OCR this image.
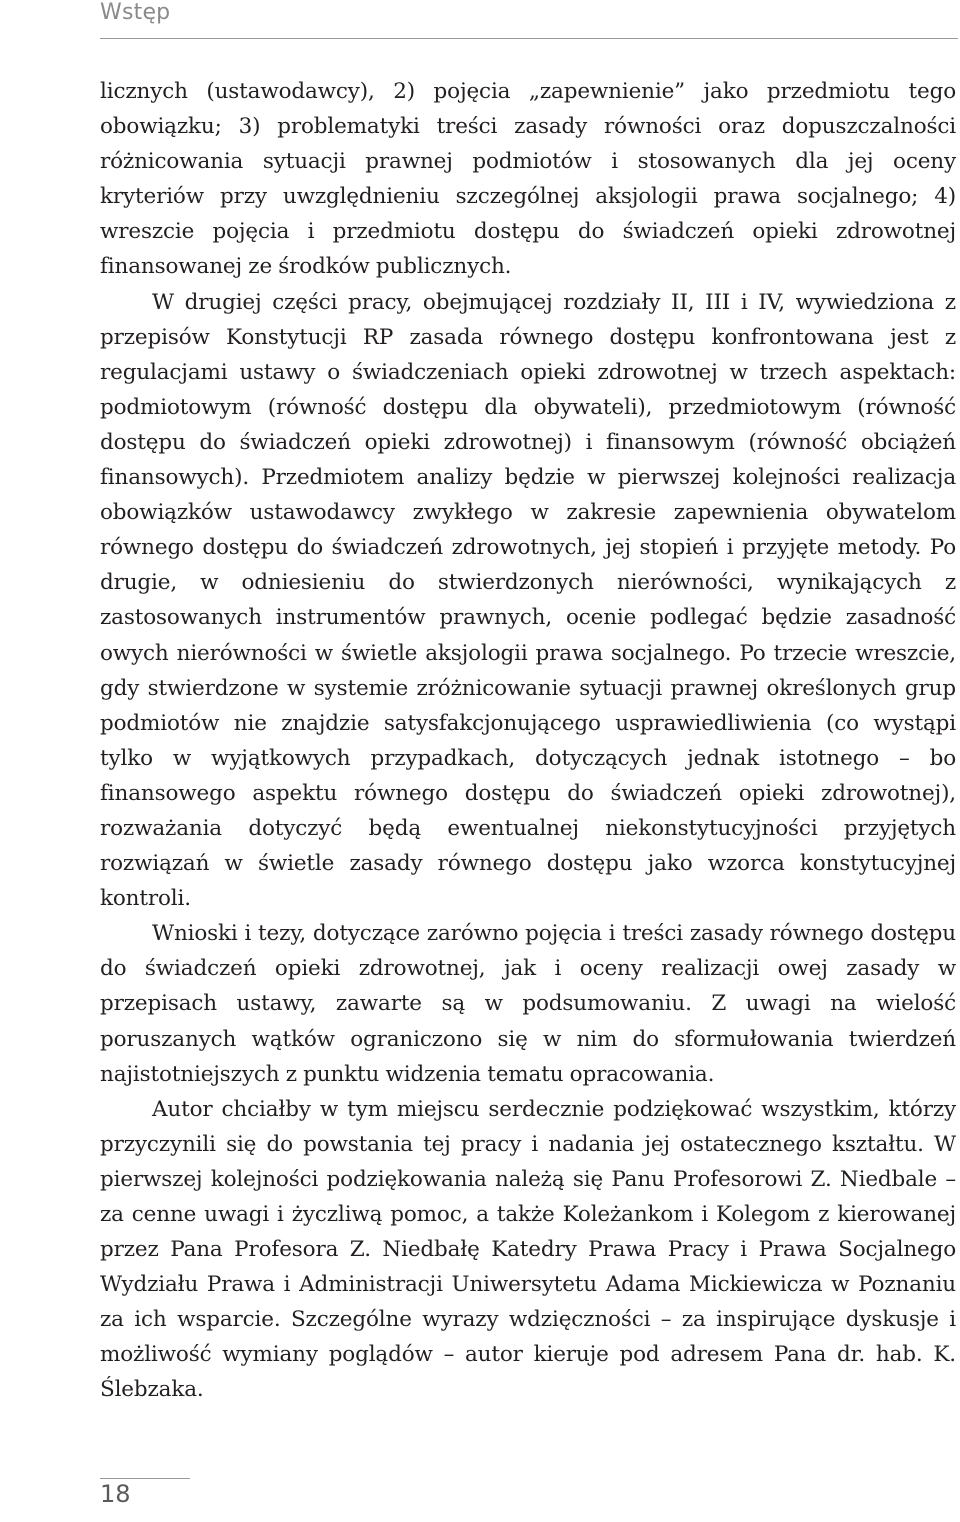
Wstęp

licznych (ustawodawcy), 2) pojęcia „zapewnienie” jako przedmiotu tego obowiązku; 3) problematyki treści zasady równości oraz dopuszczalności różnicowania sytuacji prawnej podmiotów i stosowanych dla jej oceny kryteriów przy uwzględnieniu szczególnej aksjologii prawa socjalnego; 4) wreszcie pojęcia i przedmiotu dostępu do świadczeń opieki zdrowotnej finansowanej ze środków publicznych.

W drugiej części pracy, obejmującej rozdziały II, III i IV, wywiedziona z przepisów Konstytucji RP zasada równego dostępu konfrontowana jest z regulacjami ustawy o świadczeniach opieki zdrowotnej w trzech aspektach: podmiotowym (równość dostępu dla obywateli), przedmiotowym (równość dostępu do świadczeń opieki zdrowotnej) i finansowym (równość obciążeń finansowych). Przedmiotem analizy będzie w pierwszej kolejności realizacja obowiązków ustawodawcy zwykłego w zakresie zapewnienia obywatelom równego dostępu do świadczeń zdrowotnych, jej stopień i przyjęte metody. Po drugie, w odniesieniu do stwierdzonych nierówności, wynikających z zastosowanych instrumentów prawnych, ocenie podlegać będzie zasadność owych nierówności w świetle aksjologii prawa socjalnego. Po trzecie wreszcie, gdy stwierdzone w systemie zróżnicowanie sytuacji prawnej określonych grup podmiotów nie znajdzie satysfakcjonującego usprawiedliwienia (co wystąpi tylko w wyjątkowych przypadkach, dotyczących jednak istotnego – bo finansowego aspektu równego dostępu do świadczeń opieki zdrowotnej), rozważania dotyczyć będą ewentualnej niekonstytucyjności przyjętych rozwiązań w świetle zasady równego dostępu jako wzorca konstytucyjnej kontroli.

Wnioski i tezy, dotyczące zarówno pojęcia i treści zasady równego dostępu do świadczeń opieki zdrowotnej, jak i oceny realizacji owej zasady w przepisach ustawy, zawarte są w podsumowaniu. Z uwagi na wielość poruszanych wątków ograniczono się w nim do sformułowania twierdzeń najistotniejszych z punktu widzenia tematu opracowania.

Autor chciałby w tym miejscu serdecznie podziękować wszystkim, którzy przyczynili się do powstania tej pracy i nadania jej ostatecznego kształtu. W pierwszej kolejności podziękowania należą się Panu Profesorowi Z. Niedbale – za cenne uwagi i życzliwą pomoc, a także Koleżankom i Kolegom z kierowanej przez Pana Profesora Z. Niedbałę Katedry Prawa Pracy i Prawa Socjalnego Wydziału Prawa i Administracji Uniwersytetu Adama Mickiewicza w Poznaniu za ich wsparcie. Szczególne wyrazy wdzięczności – za inspirujące dyskusje i możliwość wymiany poglądów – autor kieruje pod adresem Pana dr. hab. K. Ślebzaka.

18
